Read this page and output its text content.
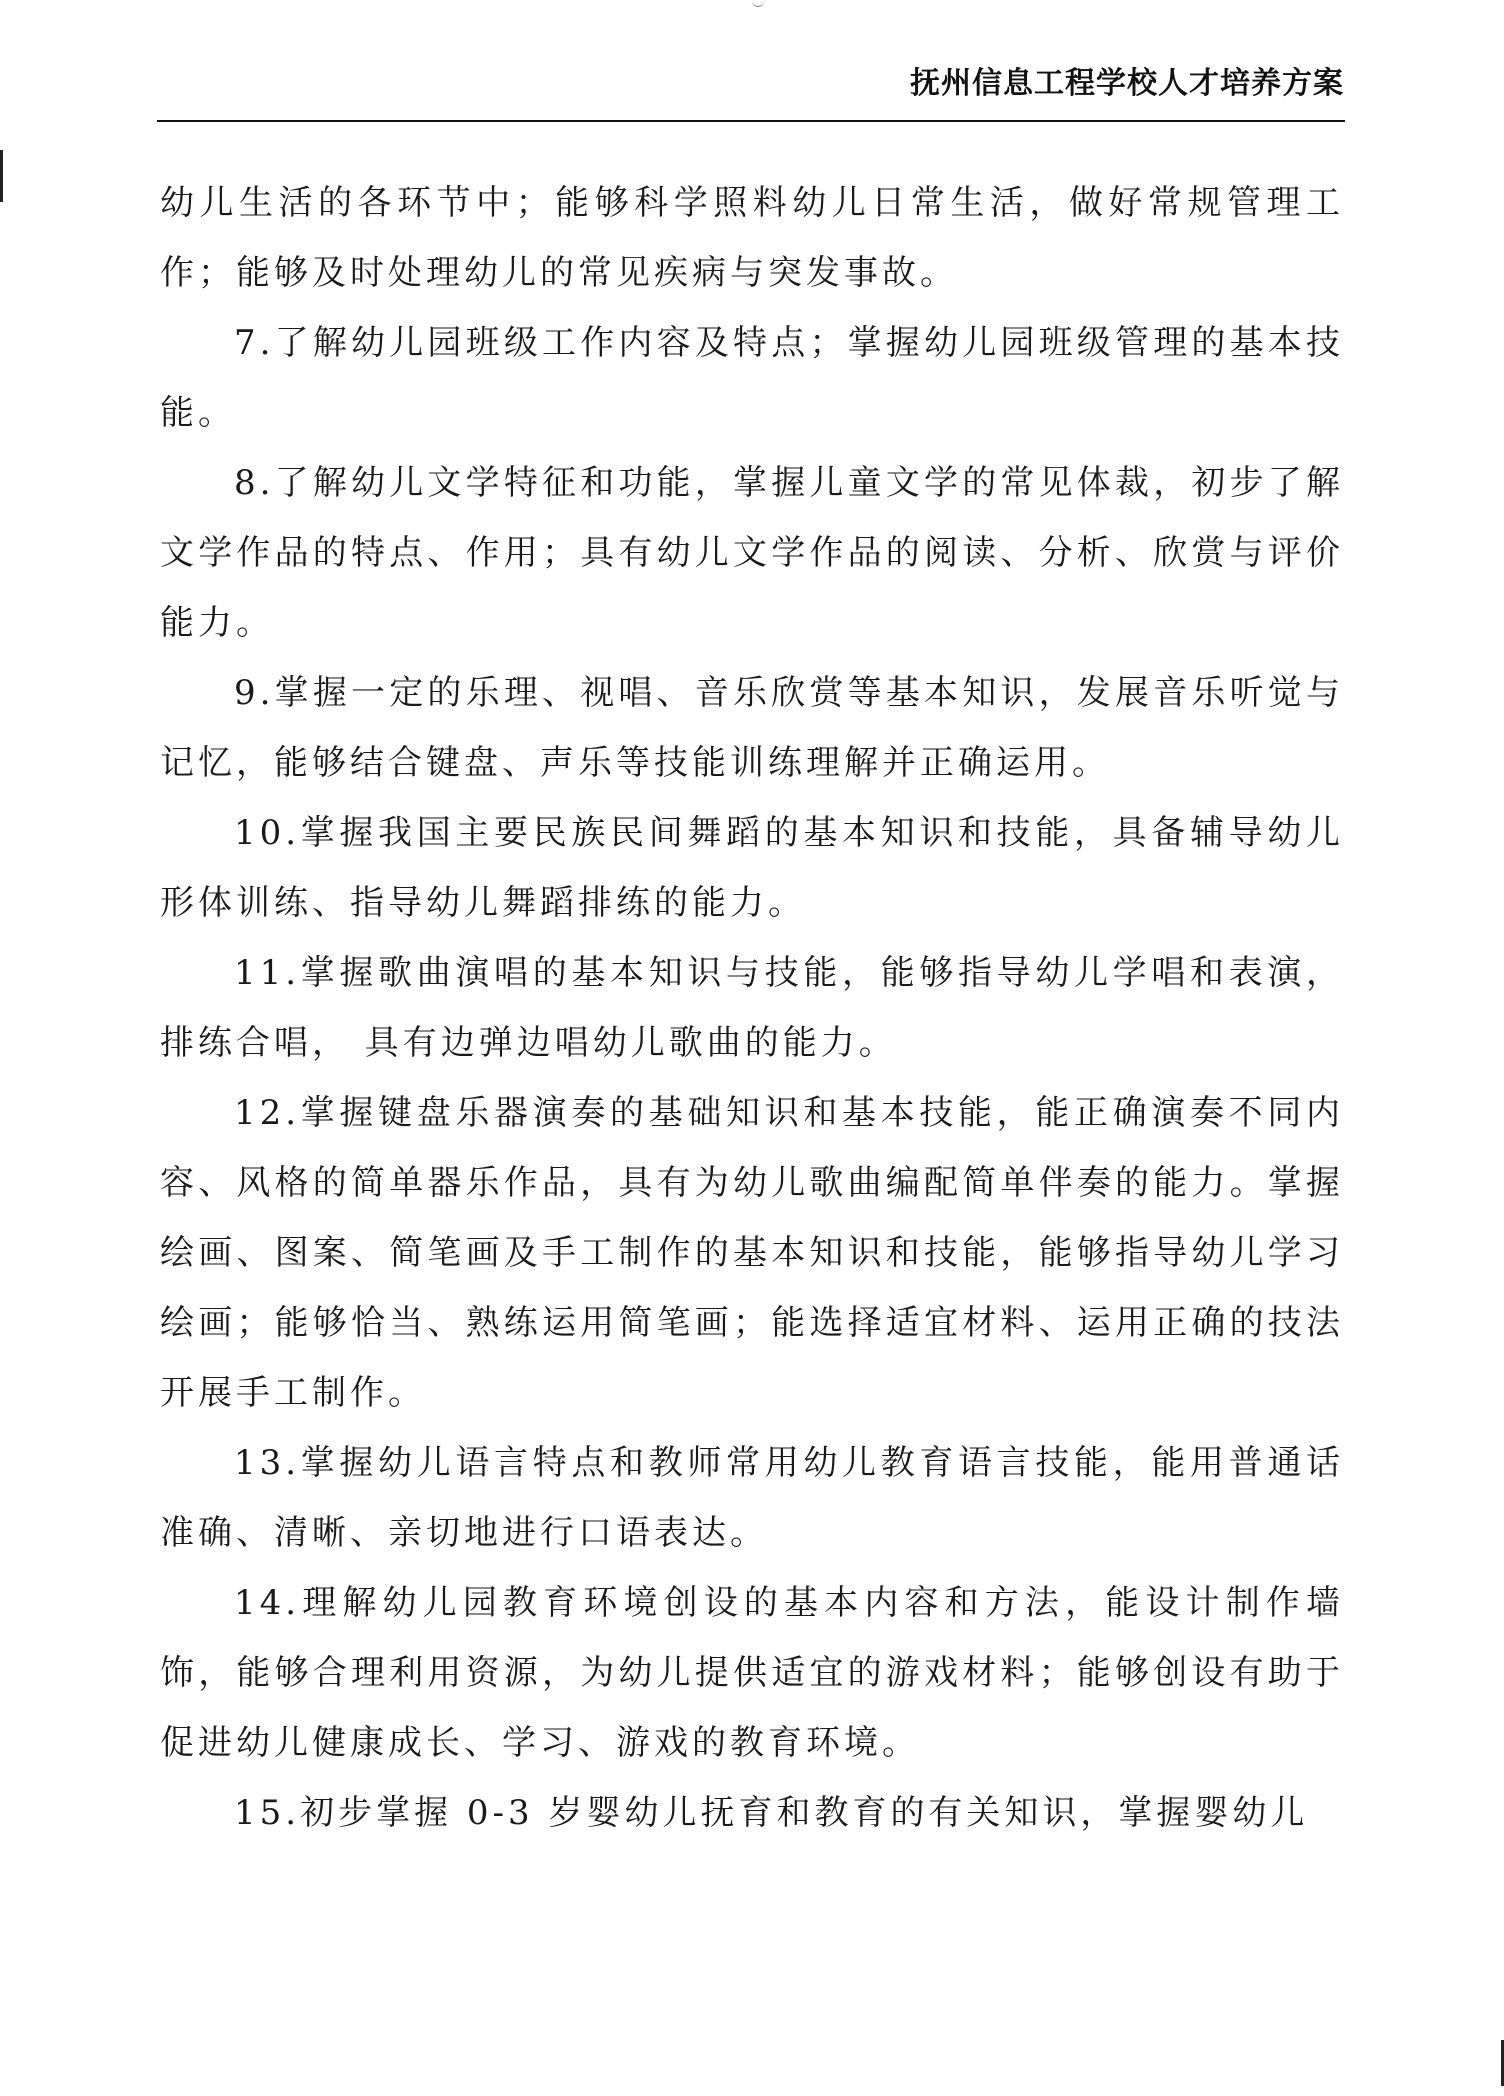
抚州信息工程学校人才培养方案

幼儿生活的各环节中；能够科学照料幼儿日常生活，做好常规管理工作；能够及时处理幼儿的常见疾病与突发事故。

7.了解幼儿园班级工作内容及特点；掌握幼儿园班级管理的基本技能。

8.了解幼儿文学特征和功能，掌握儿童文学的常见体裁，初步了解文学作品的特点、作用；具有幼儿文学作品的阅读、分析、欣赏与评价能力。

9.掌握一定的乐理、视唱、音乐欣赏等基本知识，发展音乐听觉与记忆，能够结合键盘、声乐等技能训练理解并正确运用。

10.掌握我国主要民族民间舞蹈的基本知识和技能，具备辅导幼儿形体训练、指导幼儿舞蹈排练的能力。

11.掌握歌曲演唱的基本知识与技能，能够指导幼儿学唱和表演，排练合唱， 具有边弹边唱幼儿歌曲的能力。

12.掌握键盘乐器演奏的基础知识和基本技能，能正确演奏不同内容、风格的简单器乐作品，具有为幼儿歌曲编配简单伴奏的能力。掌握绘画、图案、简笔画及手工制作的基本知识和技能，能够指导幼儿学习绘画；能够恰当、熟练运用简笔画；能选择适宜材料、运用正确的技法开展手工制作。

13.掌握幼儿语言特点和教师常用幼儿教育语言技能，能用普通话准确、清晰、亲切地进行口语表达。

14.理解幼儿园教育环境创设的基本内容和方法，能设计制作墙饰，能够合理利用资源，为幼儿提供适宜的游戏材料；能够创设有助于促进幼儿健康成长、学习、游戏的教育环境。

15.初步掌握 0-3 岁婴幼儿抚育和教育的有关知识，掌握婴幼儿
